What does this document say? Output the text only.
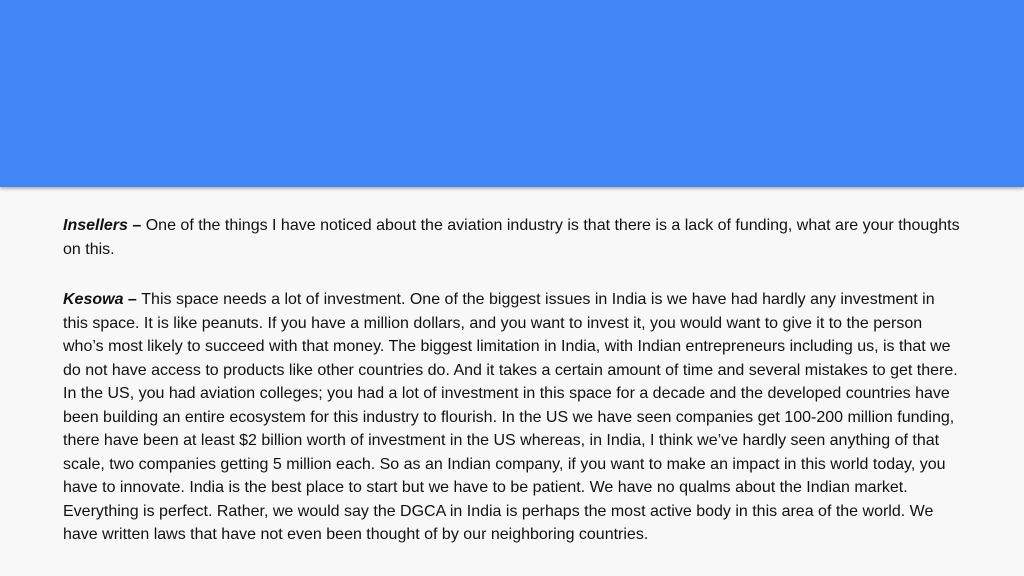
Insellers – One of the things I have noticed about the aviation industry is that there is a lack of funding, what are your thoughts on this.

Kesowa – This space needs a lot of investment. One of the biggest issues in India is we have had hardly any investment in this space. It is like peanuts. If you have a million dollars, and you want to invest it, you would want to give it to the person who’s most likely to succeed with that money. The biggest limitation in India, with Indian entrepreneurs including us, is that we do not have access to products like other countries do. And it takes a certain amount of time and several mistakes to get there. In the US, you had aviation colleges; you had a lot of investment in this space for a decade and the developed countries have been building an entire ecosystem for this industry to flourish. In the US we have seen companies get 100-200 million funding, there have been at least $2 billion worth of investment in the US whereas, in India, I think we’ve hardly seen anything of that scale, two companies getting 5 million each. So as an Indian company, if you want to make an impact in this world today, you have to innovate. India is the best place to start but we have to be patient. We have no qualms about the Indian market. Everything is perfect. Rather, we would say the DGCA in India is perhaps the most active body in this area of the world. We have written laws that have not even been thought of by our neighboring countries.
